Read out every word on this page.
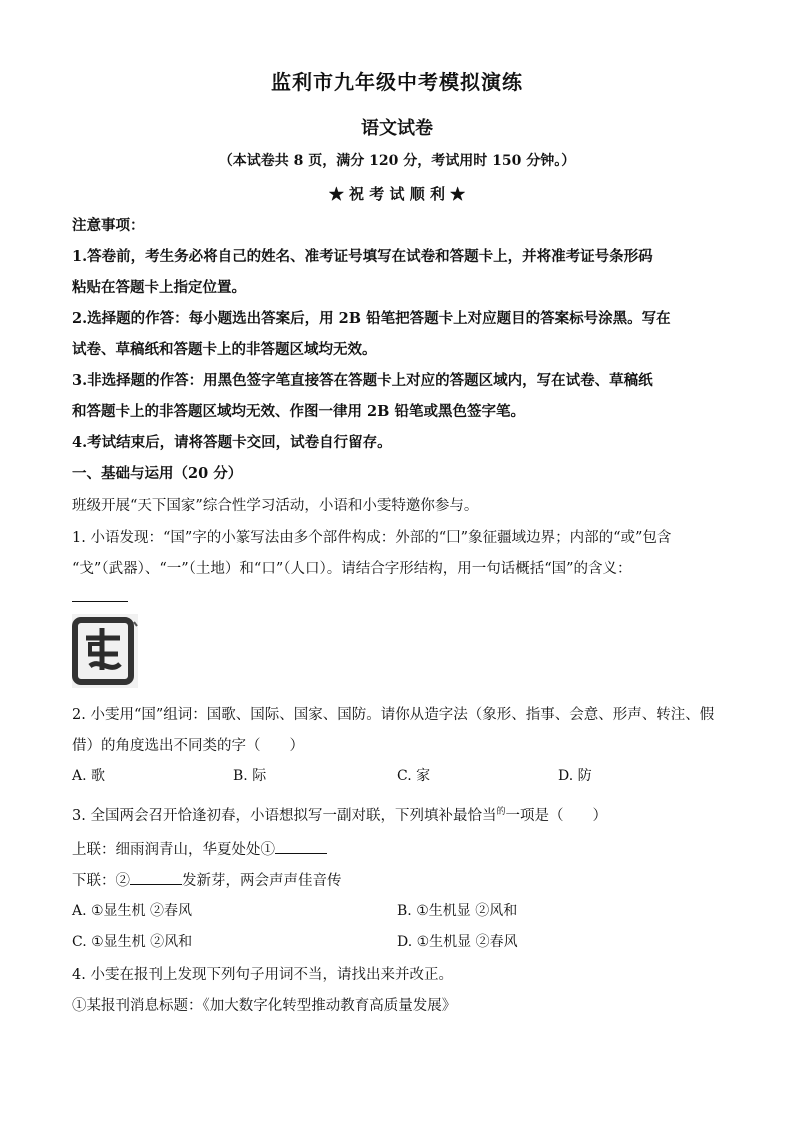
监利市九年级中考模拟演练
语文试卷
（本试卷共 8 页，满分 120 分，考试用时 150 分钟。）
★ 祝 考 试 顺 利 ★
注意事项：
1.答卷前，考生务必将自己的姓名、准考证号填写在试卷和答题卡上，并将准考证号条形码
粘贴在答题卡上指定位置。
2.选择题的作答：每小题选出答案后，用 2B 铅笔把答题卡上对应题目的答案标号涂黑。写在
试卷、草稿纸和答题卡上的非答题区域均无效。
3.非选择题的作答：用黑色签字笔直接答在答题卡上对应的答题区域内，写在试卷、草稿纸
和答题卡上的非答题区域均无效、作图一律用 2B 铅笔或黑色签字笔。
4.考试结束后，请将答题卡交回，试卷自行留存。
一、基础与运用（20 分）
班级开展“天下国家”综合性学习活动，小语和小雯特邀你参与。
1. 小语发现：“国”字的小篆写法由多个部件构成：外部的“囗”象征疆域边界；内部的“或”包含
“戈”（武器）、“一”（土地）和“口”（人口）。请结合字形结构，用一句话概括“国”的含义：
2. 小雯用“国”组词：国歌、国际、国家、国防。请你从造字法（象形、指事、会意、形声、转注、假
借）的角度选出不同类的字（　　）
A. 歌	B. 际	C. 家	D. 防
3. 全国两会召开恰逢初春，小语想拟写一副对联，下列填补最恰当$^的$一项是（　　）
上联：细雨润青山，华夏处处①
下联：②	发新芽，两会声声佳音传
A. ①显生机 ②春风	B. ①生机显 ②风和
C. ①显生机 ②风和	D. ①生机显 ②春风
4. 小雯在报刊上发现下列句子用词不当，请找出来并改正。
①某报刊消息标题：《加大数字化转型推动教育高质量发展》
